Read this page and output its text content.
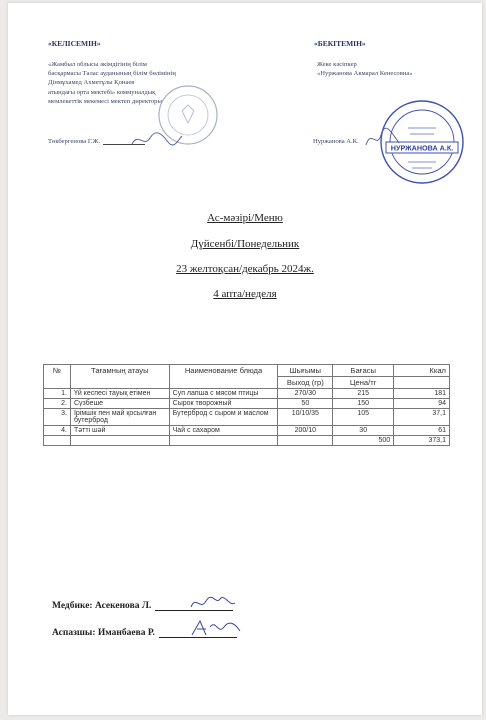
«КЕЛІСЕМІН»	«БЕКІТЕМІН»
«Жамбыл облысы әкімдігінің білім
басқармасы Талас ауданының білім бөлімінің
Дінмұхамед Ахметұлы Қонаев
атындағы орта мектебі» коммуналдық
мемлекеттік мекемесі мектеп директоры
Жеке кәсіпкер
«Нуржанова Акмарал Кенесовна»
Төкбергенова Г.Ж.	Нуржанова А.К.
НУРЖАНОВА А.К.
Ас-мәзірі/Меню
Дүйсенбі/Понедельник
23 желтоқсан/декабрь 2024ж.
4 апта/неделя
№	Тағамның атауы	Наименование блюда	Шығымы	Бағасы	Ккал
			Выход (гр)	Цена/тг	
1.	Үй кеспесі тауық етімен	Суп лапша с мясом птицы	270/30	215	181
2.	Сүзбеше	Сырок творожный	50	150	94
3.	Ірімшік пен май қосылған бутерброд	Бутерброд с сыром и маслом	10/10/35	105	37,1
4.	Тәтті шәй	Чай с сахаром	200/10	30	61
				500	373,1
Медбике: Асекенова Л.
Аспазшы: Иманбаева Р.
